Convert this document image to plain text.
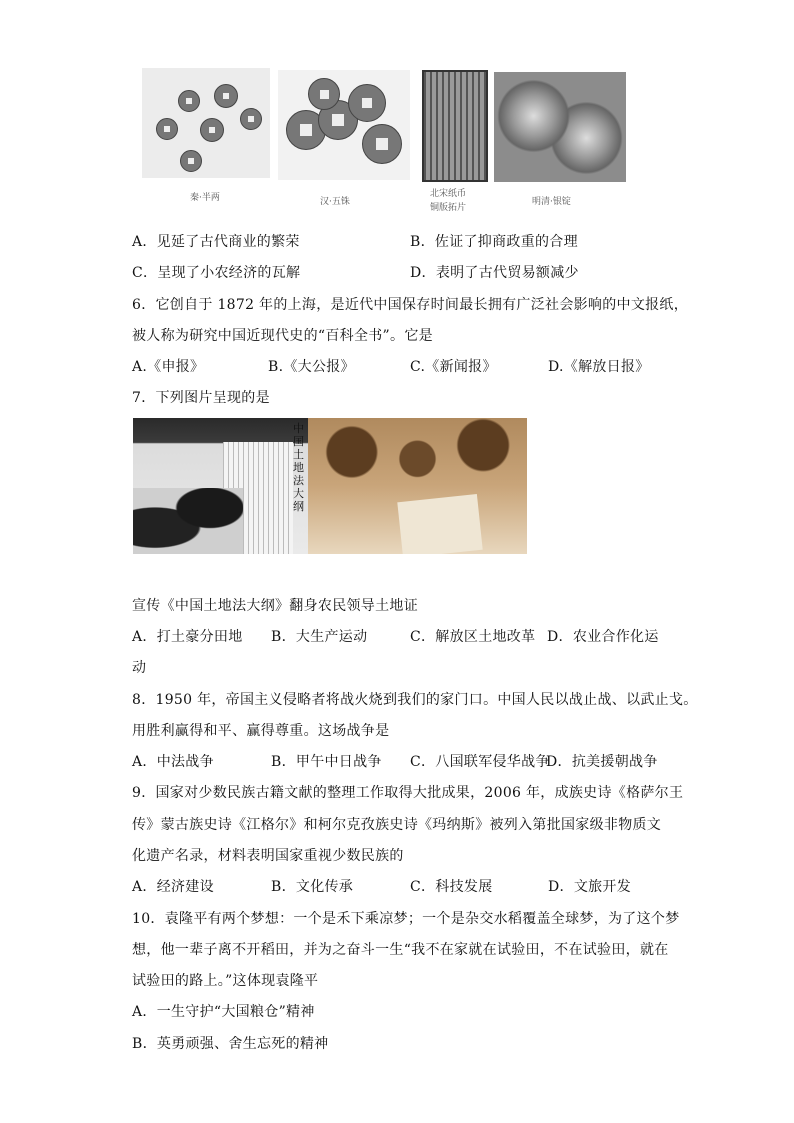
秦·半两	汉·五铢
北宋纸币
铜版拓片
明清·银锭
A．见延了古代商业的繁荣	B．佐证了抑商政重的合理
C．呈现了小农经济的瓦解	D．表明了古代贸易额减少
6．它创自于 1872 年的上海，是近代中国保存时间最长拥有广泛社会影响的中文报纸，
被人称为研究中国近现代史的“百科全书”。它是
A.《申报》	B.《大公报》	C.《新闻报》	D.《解放日报》
7．下列图片呈现的是
中国土地法大纲
宣传《中国土地法大纲》翻身农民领导土地证
A．打土豪分田地 B．大生产运动	C．解放区土地改革 D．农业合作化运
动
8．1950 年，帝国主义侵略者将战火烧到我们的家门口。中国人民以战止战、以武止戈。
用胜利赢得和平、赢得尊重。这场战争是
A．中法战争	B．甲午中日战争 C．八国联军侵华战争
D．抗美援朝战争
9．国家对少数民族古籍文献的整理工作取得大批成果，2006 年，成族史诗《格萨尔王
传》蒙古族史诗《江格尔》和柯尔克孜族史诗《玛纳斯》被列入第批国家级非物质文
化遗产名录，材料表明国家重视少数民族的
A．经济建设	B．文化传承	C．科技发展	D．文旅开发
10．袁隆平有两个梦想：一个是禾下乘凉梦；一个是杂交水稻覆盖全球梦，为了这个梦
想，他一辈子离不开稻田，并为之奋斗一生“我不在家就在试验田，不在试验田，就在
试验田的路上。”这体现袁隆平
A．一生守护“大国粮仓”精神
B．英勇顽强、舍生忘死的精神
